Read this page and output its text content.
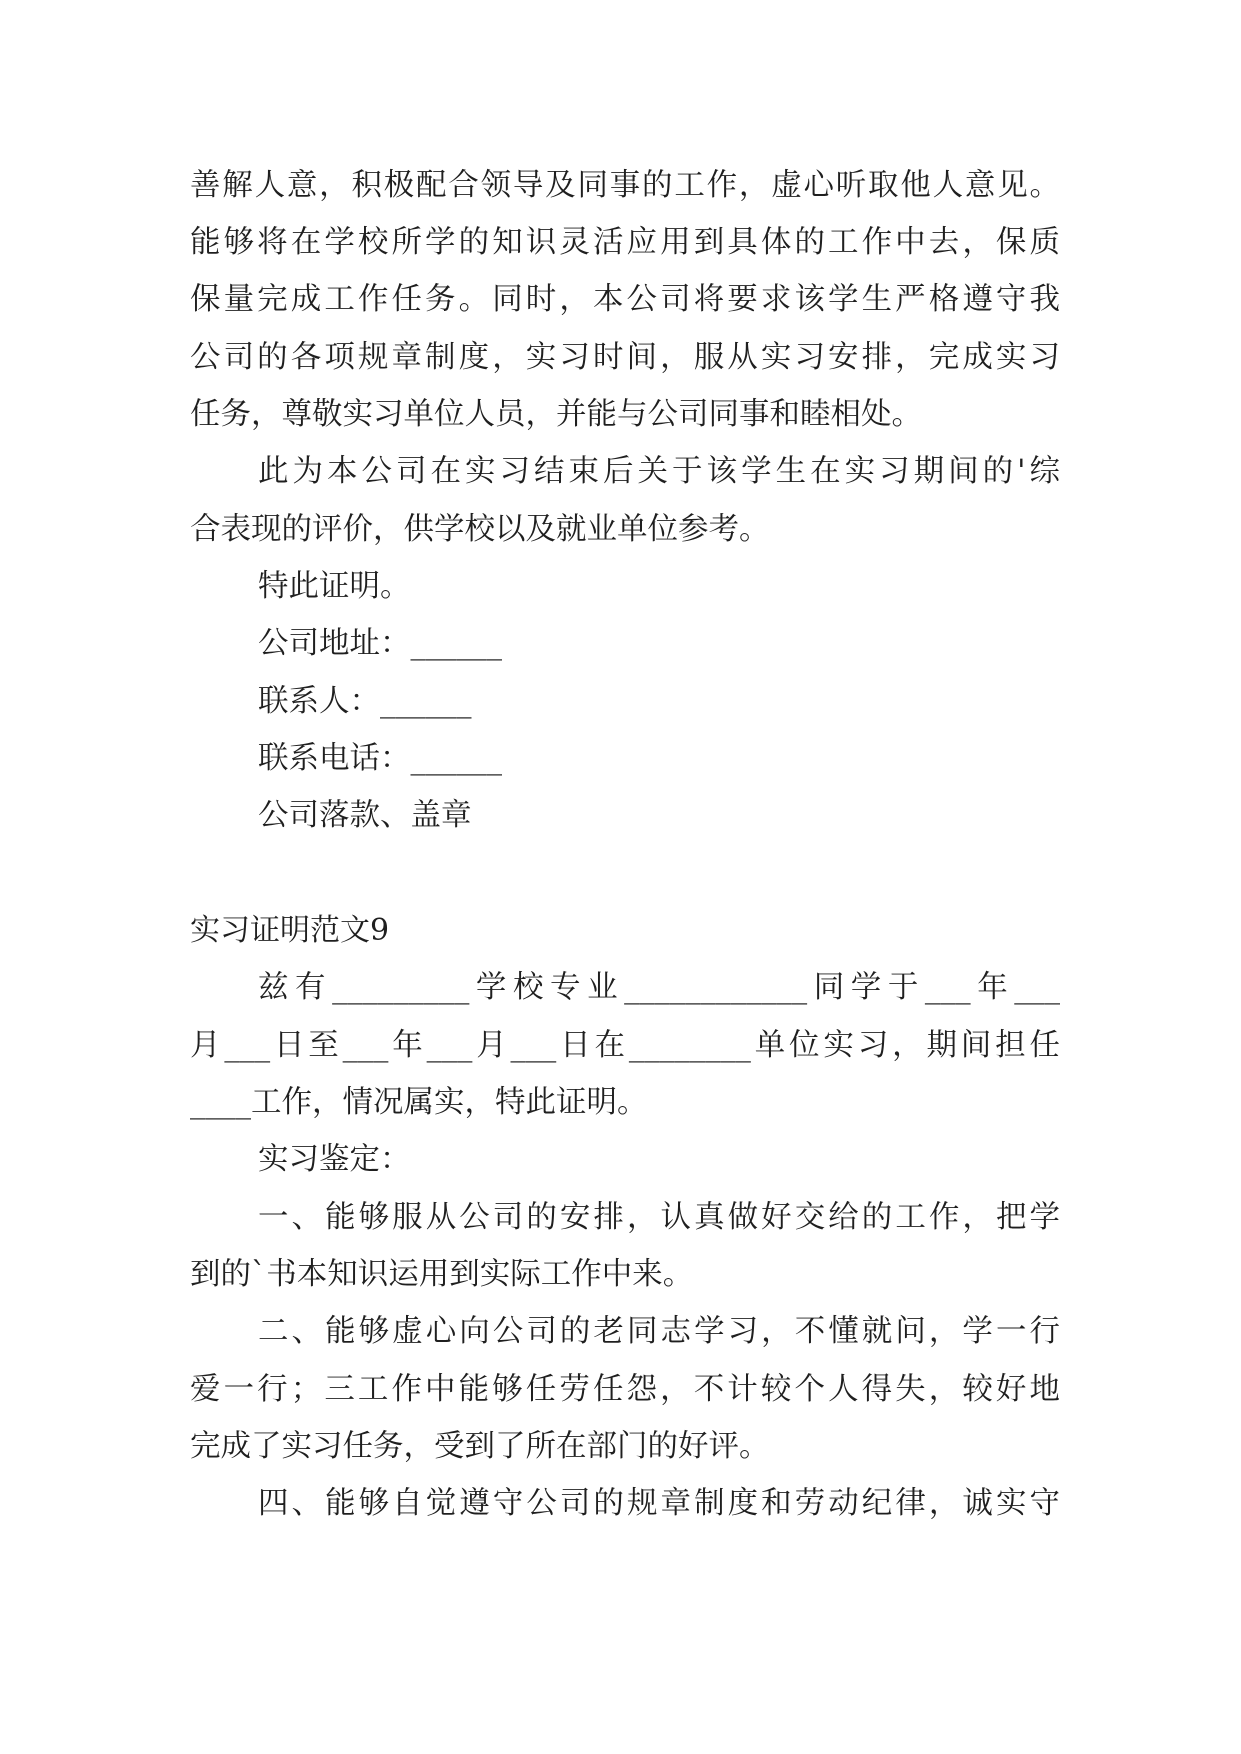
善解人意，积极配合领导及同事的工作，虚心听取他人意见。
能够将在学校所学的知识灵活应用到具体的工作中去，保质
保量完成工作任务。同时，本公司将要求该学生严格遵守我
公司的各项规章制度，实习时间，服从实习安排，完成实习
任务，尊敬实习单位人员，并能与公司同事和睦相处。
此为本公司在实习结束后关于该学生在实习期间的'综
合表现的评价，供学校以及就业单位参考。
特此证明。
公司地址：______
联系人：______
联系电话：______
公司落款、盖章
实习证明范文9
兹有_________学校专业____________同学于___年___
月___日至___年___月___日在________单位实习，期间担任
____工作，情况属实，特此证明。
实习鉴定：
一、能够服从公司的安排，认真做好交给的工作，把学
到的`书本知识运用到实际工作中来。
二、能够虚心向公司的老同志学习，不懂就问，学一行
爱一行；三工作中能够任劳任怨，不计较个人得失，较好地
完成了实习任务，受到了所在部门的好评。
四、能够自觉遵守公司的规章制度和劳动纪律，诚实守
